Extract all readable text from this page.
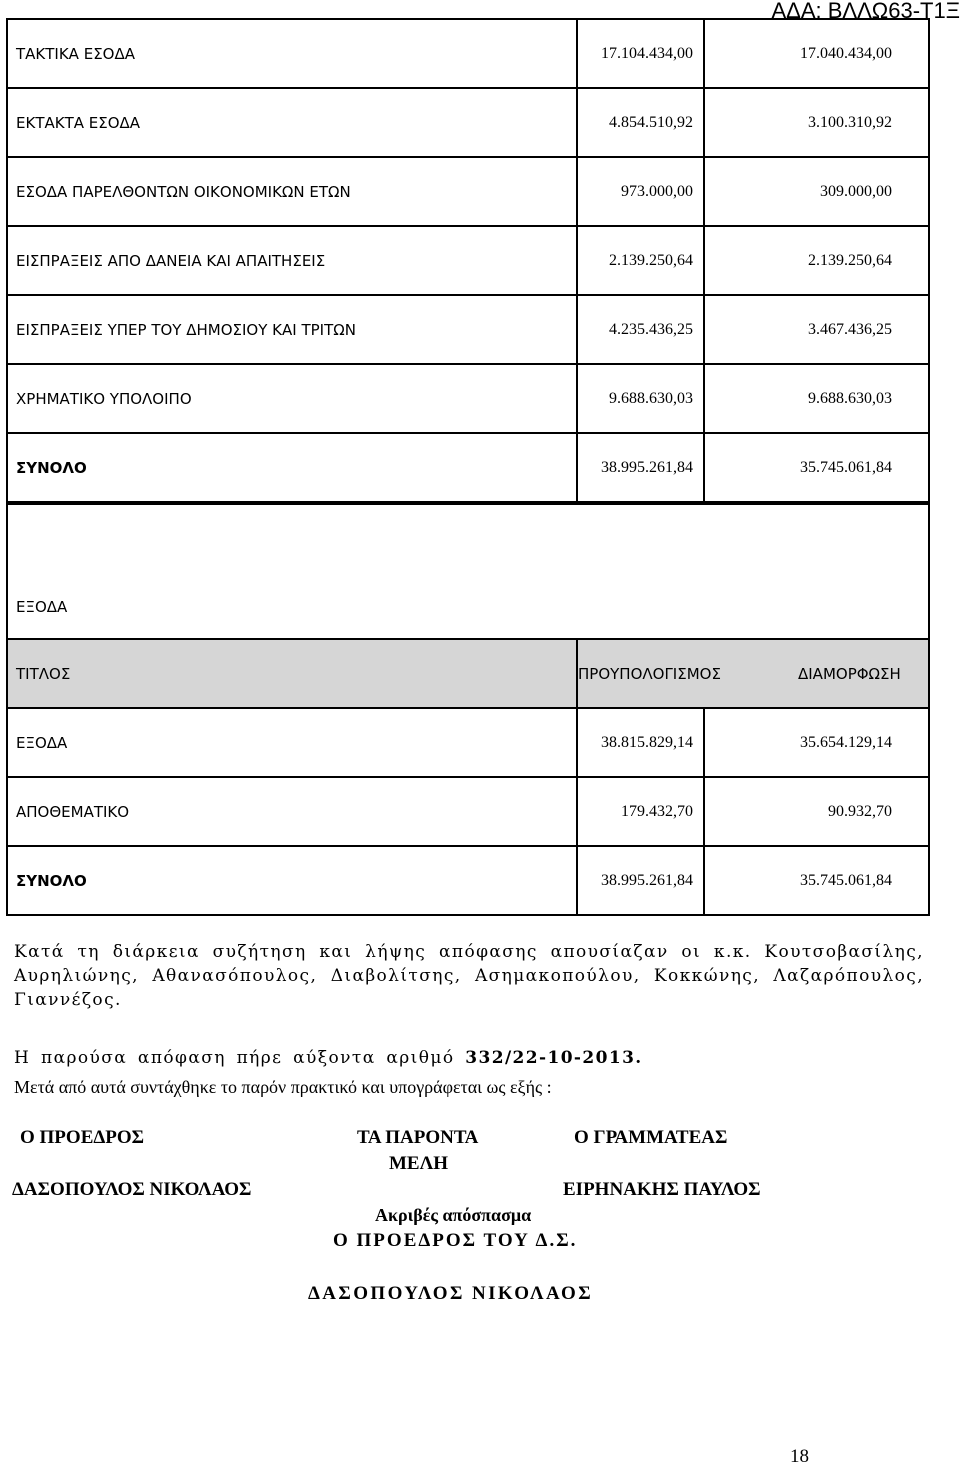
ΑΔΑ: ΒΛΛΩ63-Τ1Ξ
ΤΑΚΤΙΚΑ ΕΣΟΔΑ	17.104.434,00	17.040.434,00
ΕΚΤΑΚΤΑ ΕΣΟΔΑ	4.854.510,92	3.100.310,92
ΕΣΟΔΑ ΠΑΡΕΛΘΟΝΤΩΝ ΟΙΚΟΝΟΜΙΚΩΝ ΕΤΩΝ	973.000,00	309.000,00
ΕΙΣΠΡΑΞΕΙΣ ΑΠΟ ΔΑΝΕΙΑ ΚΑΙ ΑΠΑΙΤΗΣΕΙΣ	2.139.250,64	2.139.250,64
ΕΙΣΠΡΑΞΕΙΣ ΥΠΕΡ ΤΟΥ ΔΗΜΟΣΙΟΥ ΚΑΙ ΤΡΙΤΩΝ	4.235.436,25	3.467.436,25
ΧΡΗΜΑΤΙΚΟ ΥΠΟΛΟΙΠΟ	9.688.630,03	9.688.630,03
ΣΥΝΟΛΟ	38.995.261,84	35.745.061,84
ΕΞΟΔΑ		
ΤΙΤΛΟΣ	ΠΡΟΥΠΟΛΟΓΙΣΜΟΣ ΔΙΑΜΟΡΦΩΣΗ	
ΕΞΟΔΑ	38.815.829,14	35.654.129,14
ΑΠΟΘΕΜΑΤΙΚΟ	179.432,70	90.932,70
ΣΥΝΟΛΟ	38.995.261,84	35.745.061,84
Κατά τη διάρκεια συζήτηση και λήψης απόφασης απουσίαζαν οι κ.κ. Κουτσοβασίλης, Αυρηλιώνης, Αθανασόπουλος, Διαβολίτσης, Ασημακοπούλου, Κοκκώνης, Λαζαρόπουλος, Γιαννέζος.
Η παρούσα απόφαση πήρε αύξοντα αριθμό 332/22-10-2013.
Μετά από αυτά συντάχθηκε το παρόν πρακτικό και υπογράφεται ως εξής :
Ο ΠΡΟΕΔΡΟΣ	ΤΑ ΠΑΡΟΝΤΑ
ΜΕΛΗ
Ο ΓΡΑΜΜΑΤΕΑΣ
ΔΑΣΟΠΟΥΛΟΣ ΝΙΚΟΛΑΟΣ	ΕΙΡΗΝΑΚΗΣ ΠΑΥΛΟΣ
Ακριβές απόσπασμα
Ο ΠΡΟΕΔΡΟΣ ΤΟΥ Δ.Σ.
ΔΑΣΟΠΟΥΛΟΣ ΝΙΚΟΛΑΟΣ
18
